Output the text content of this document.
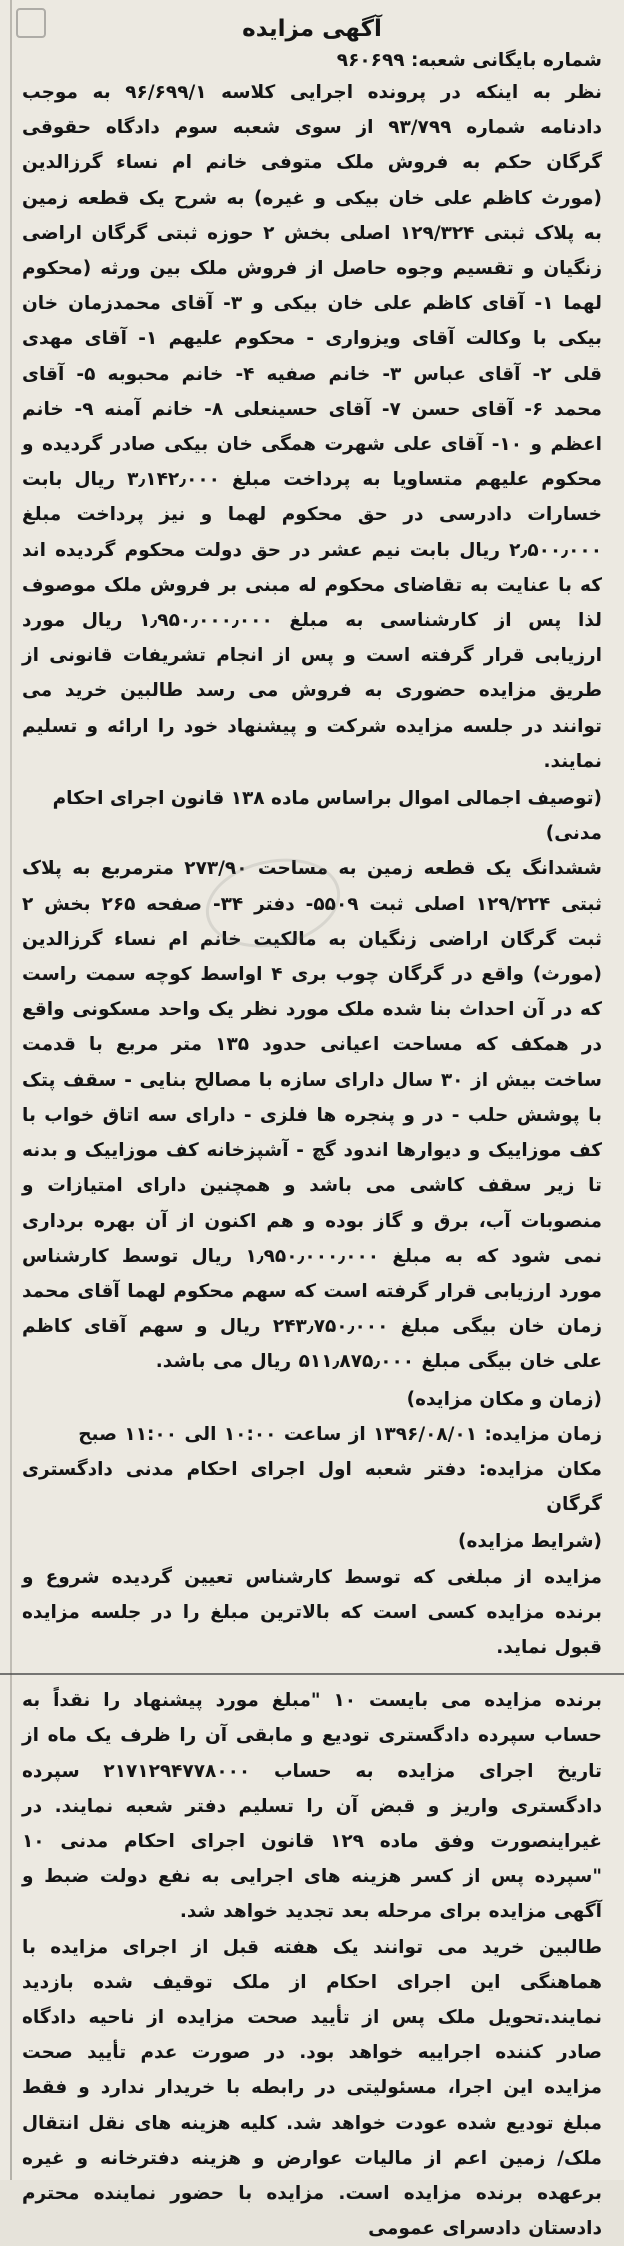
آگهی مزایده

شماره بایگانی شعبه: ۹۶۰۶۹۹

نظر به اینکه در پرونده اجرایی کلاسه ۹۶/۶۹۹/۱ به موجب دادنامه شماره ۹۳/۷۹۹ از سوی شعبه سوم دادگاه حقوقی گرگان حکم به فروش ملک متوفی خانم ام نساء گرزالدین (مورث کاظم علی خان بیکی و غیره) به شرح یک قطعه زمین به پلاک ثبتی ۱۲۹/۳۲۴ اصلی بخش ۲ حوزه ثبتی گرگان اراضی زنگیان و تقسیم وجوه حاصل از فروش ملک بین ورثه (محکوم لهما ۱- آقای کاظم علی خان بیکی و ۳- آقای محمدزمان خان بیکی با وکالت آقای ویزواری - محکوم علیهم ۱- آقای مهدی قلی ۲- آقای عباس ۳- خانم صفیه ۴- خانم محبوبه ۵- آقای محمد ۶- آقای حسن ۷- آقای حسینعلی ۸- خانم آمنه ۹- خانم اعظم و ۱۰- آقای علی شهرت همگی خان بیکی صادر گردیده و محکوم علیهم متساویا به پرداخت مبلغ ۳٫۱۴۲٫۰۰۰ ریال بابت خسارات دادرسی در حق محکوم لهما و نیز پرداخت مبلغ ۲٫۵۰۰٫۰۰۰ ریال بابت نیم عشر در حق دولت محکوم گردیده اند که با عنایت به تقاضای محکوم له مبنی بر فروش ملک موصوف لذا پس از کارشناسی به مبلغ ۱٫۹۵۰٫۰۰۰٫۰۰۰ ریال مورد ارزیابی قرار گرفته است و پس از انجام تشریفات قانونی از طریق مزایده حضوری به فروش می رسد طالبین خرید می توانند در جلسه مزایده شرکت و پیشنهاد خود را ارائه و تسلیم نمایند.

(توصیف اجمالی اموال براساس ماده ۱۳۸ قانون اجرای احکام مدنی)

ششدانگ یک قطعه زمین به مساحت ۲۷۳/۹۰ مترمربع به پلاک ثبتی ۱۲۹/۲۲۴ اصلی ثبت ۵۵۰۹- دفتر ۳۴- صفحه ۲۶۵ بخش ۲ ثبت گرگان اراضی زنگیان به مالکیت خانم ام نساء گرزالدین (مورث) واقع در گرگان چوب بری ۴ اواسط کوچه سمت راست که در آن احداث بنا شده ملک مورد نظر یک واحد مسکونی واقع در همکف که مساحت اعیانی حدود ۱۳۵ متر مربع با قدمت ساخت بیش از ۳۰ سال دارای سازه با مصالح بنایی - سقف پتک با پوشش حلب - در و پنجره ها فلزی - دارای سه اتاق خواب با کف موزاییک و دیوارها اندود گچ - آشپزخانه کف موزاییک و بدنه تا زیر سقف کاشی می باشد و همچنین دارای امتیازات و منصوبات آب، برق و گاز بوده و هم اکنون از آن بهره برداری نمی شود که به مبلغ ۱٫۹۵۰٫۰۰۰٫۰۰۰ ریال توسط کارشناس مورد ارزیابی قرار گرفته است که سهم محکوم لهما آقای محمد زمان خان بیگی مبلغ ۲۴۳٫۷۵۰٫۰۰۰ ریال و سهم آقای کاظم علی خان بیگی مبلغ ۵۱۱٫۸۷۵٫۰۰۰ ریال می باشد.

(زمان و مکان مزایده)

زمان مزایده: ۱۳۹۶/۰۸/۰۱ از ساعت ۱۰:۰۰ الی ۱۱:۰۰ صبح

مکان مزایده: دفتر شعبه اول اجرای احکام مدنی دادگستری گرگان

(شرایط مزایده)

مزایده از مبلغی که توسط کارشناس تعیین گردیده شروع و برنده مزایده کسی است که بالاترین مبلغ را در جلسه مزایده قبول نماید.

برنده مزایده می بایست ۱۰ "مبلغ مورد پیشنهاد را نقداً به حساب سپرده دادگستری تودیع و مابقی آن را ظرف یک ماه از تاریخ اجرای مزایده به حساب ۲۱۷۱۲۹۴۷۷۸۰۰۰ سپرده دادگستری واریز و قبض آن را تسلیم دفتر شعبه نمایند. در غیراینصورت وفق ماده ۱۲۹ قانون اجرای احکام مدنی ۱۰ "سپرده پس از کسر هزینه های اجرایی به نفع دولت ضبط و آگهی مزایده برای مرحله بعد تجدید خواهد شد.

طالبین خرید می توانند یک هفته قبل از اجرای مزایده با هماهنگی این اجرای احکام از ملک توقیف شده بازدید نمایند.تحویل ملک پس از تأیید صحت مزایده از ناحیه دادگاه صادر کننده اجراییه خواهد بود. در صورت عدم تأیید صحت مزایده این اجرا، مسئولیتی در رابطه با خریدار ندارد و فقط مبلغ تودیع شده عودت خواهد شد. کلیه هزینه های نقل انتقال ملک/ زمین اعم از مالیات عوارض و هزینه دفترخانه و غیره برعهده برنده مزایده است. مزایده با حضور نماینده محترم دادستان دادسرای عمومی
